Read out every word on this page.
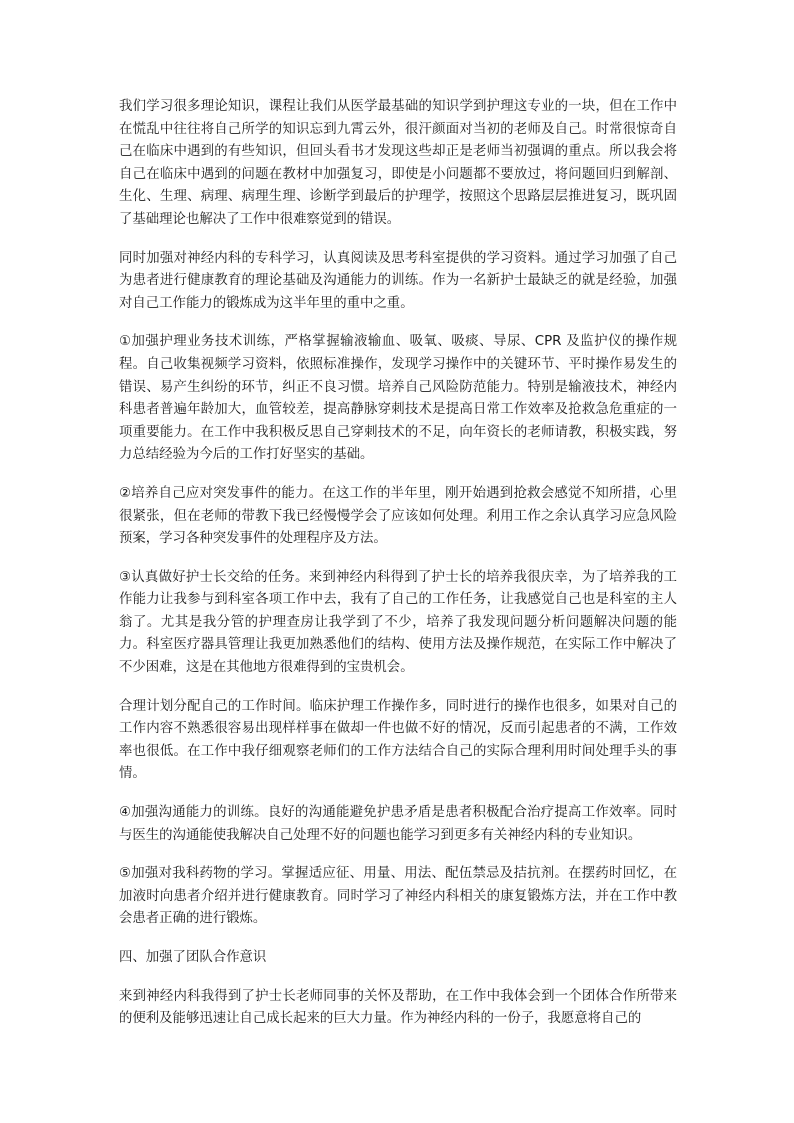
我们学习很多理论知识，课程让我们从医学最基础的知识学到护理这专业的一块，但在工作中在慌乱中往往将自己所学的知识忘到九霄云外，很汗颜面对当初的老师及自己。时常很惊奇自己在临床中遇到的有些知识，但回头看书才发现这些却正是老师当初强调的重点。所以我会将自己在临床中遇到的问题在教材中加强复习，即使是小问题都不要放过，将问题回归到解剖、生化、生理、病理、病理生理、诊断学到最后的护理学，按照这个思路层层推进复习，既巩固了基础理论也解决了工作中很难察觉到的错误。

同时加强对神经内科的专科学习，认真阅读及思考科室提供的学习资料。通过学习加强了自己为患者进行健康教育的理论基础及沟通能力的训练。作为一名新护士最缺乏的就是经验，加强对自己工作能力的锻炼成为这半年里的重中之重。

①加强护理业务技术训练，严格掌握输液输血、吸氧、吸痰、导尿、CPR 及监护仪的操作规程。自己收集视频学习资料，依照标准操作，发现学习操作中的关键环节、平时操作易发生的错误、易产生纠纷的环节，纠正不良习惯。培养自己风险防范能力。特别是输液技术，神经内科患者普遍年龄加大，血管较差，提高静脉穿刺技术是提高日常工作效率及抢救急危重症的一项重要能力。在工作中我积极反思自己穿刺技术的不足，向年资长的老师请教，积极实践，努力总结经验为今后的工作打好坚实的基础。

②培养自己应对突发事件的能力。在这工作的半年里，刚开始遇到抢救会感觉不知所措，心里很紧张，但在老师的带教下我已经慢慢学会了应该如何处理。利用工作之余认真学习应急风险预案，学习各种突发事件的处理程序及方法。

③认真做好护士长交给的任务。来到神经内科得到了护士长的培养我很庆幸，为了培养我的工作能力让我参与到科室各项工作中去，我有了自己的工作任务，让我感觉自己也是科室的主人翁了。尤其是我分管的护理查房让我学到了不少，培养了我发现问题分析问题解决问题的能力。科室医疗器具管理让我更加熟悉他们的结构、使用方法及操作规范，在实际工作中解决了不少困难，这是在其他地方很难得到的宝贵机会。

合理计划分配自己的工作时间。临床护理工作操作多，同时进行的操作也很多，如果对自己的工作内容不熟悉很容易出现样样事在做却一件也做不好的情况，反而引起患者的不满，工作效率也很低。在工作中我仔细观察老师们的工作方法结合自己的实际合理利用时间处理手头的事情。

④加强沟通能力的训练。良好的沟通能避免护患矛盾是患者积极配合治疗提高工作效率。同时与医生的沟通能使我解决自己处理不好的问题也能学习到更多有关神经内科的专业知识。

⑤加强对我科药物的学习。掌握适应征、用量、用法、配伍禁忌及拮抗剂。在摆药时回忆，在加液时向患者介绍并进行健康教育。同时学习了神经内科相关的康复锻炼方法，并在工作中教会患者正确的进行锻炼。

四、加强了团队合作意识

来到神经内科我得到了护士长老师同事的关怀及帮助，在工作中我体会到一个团体合作所带来的便利及能够迅速让自己成长起来的巨大力量。作为神经内科的一份子，我愿意将自己的
